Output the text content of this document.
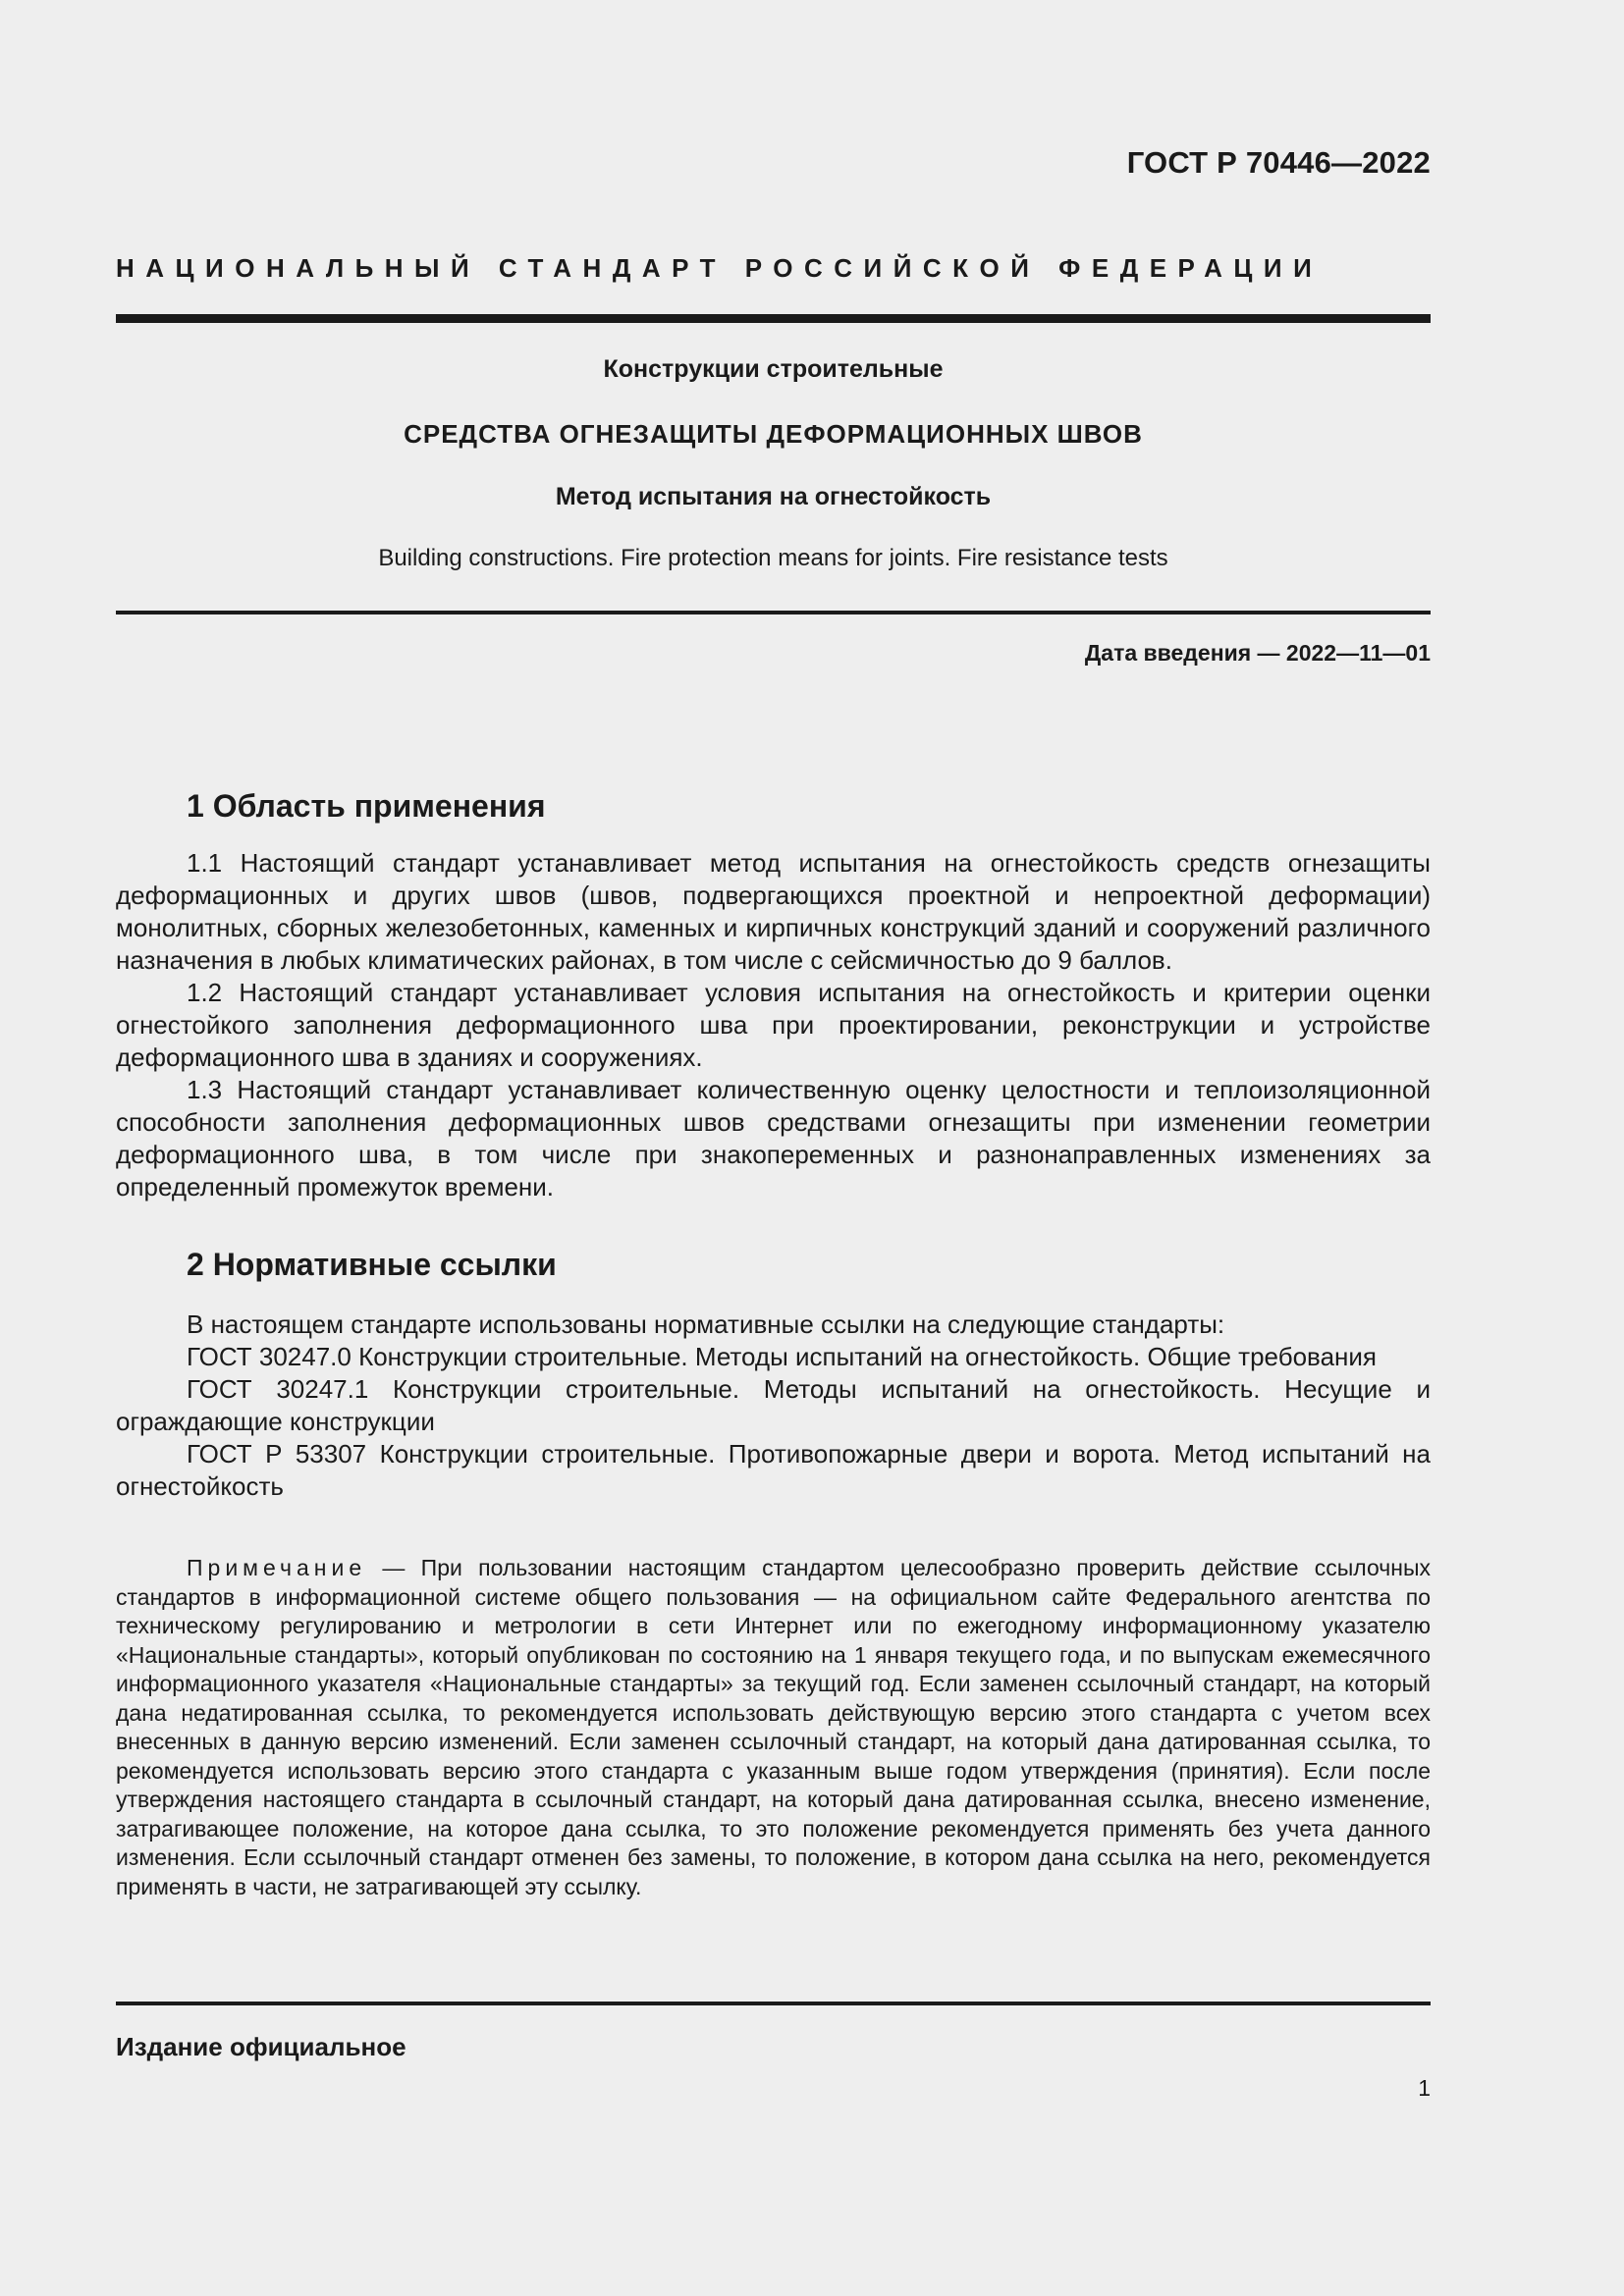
ГОСТ Р 70446—2022
НАЦИОНАЛЬНЫЙ СТАНДАРТ РОССИЙСКОЙ ФЕДЕРАЦИИ
Конструкции строительные
СРЕДСТВА ОГНЕЗАЩИТЫ ДЕФОРМАЦИОННЫХ ШВОВ
Метод испытания на огнестойкость
Building constructions. Fire protection means for joints. Fire resistance tests
Дата введения — 2022—11—01
1 Область применения

1.1 Настоящий стандарт устанавливает метод испытания на огнестойкость средств огнезащиты деформационных и других швов (швов, подвергающихся проектной и непроектной деформации) монолитных, сборных железобетонных, каменных и кирпичных конструкций зданий и сооружений различного назначения в любых климатических районах, в том числе с сейсмичностью до 9 баллов.

1.2 Настоящий стандарт устанавливает условия испытания на огнестойкость и критерии оценки огнестойкого заполнения деформационного шва при проектировании, реконструкции и устройстве деформационного шва в зданиях и сооружениях.

1.3 Настоящий стандарт устанавливает количественную оценку целостности и теплоизоляционной способности заполнения деформационных швов средствами огнезащиты при изменении геометрии деформационного шва, в том числе при знакопеременных и разнонаправленных изменениях за определенный промежуток времени.

2 Нормативные ссылки

В настоящем стандарте использованы нормативные ссылки на следующие стандарты:

ГОСТ 30247.0 Конструкции строительные. Методы испытаний на огнестойкость. Общие требования

ГОСТ 30247.1 Конструкции строительные. Методы испытаний на огнестойкость. Несущие и ограждающие конструкции

ГОСТ Р 53307 Конструкции строительные. Противопожарные двери и ворота. Метод испытаний на огнестойкость

Примечание — При пользовании настоящим стандартом целесообразно проверить действие ссылочных стандартов в информационной системе общего пользования — на официальном сайте Федерального агентства по техническому регулированию и метрологии в сети Интернет или по ежегодному информационному указателю «Национальные стандарты», который опубликован по состоянию на 1 января текущего года, и по выпускам ежемесячного информационного указателя «Национальные стандарты» за текущий год. Если заменен ссылочный стандарт, на который дана недатированная ссылка, то рекомендуется использовать действующую версию этого стандарта с учетом всех внесенных в данную версию изменений. Если заменен ссылочный стандарт, на который дана датированная ссылка, то рекомендуется использовать версию этого стандарта с указанным выше годом утверждения (принятия). Если после утверждения настоящего стандарта в ссылочный стандарт, на который дана датированная ссылка, внесено изменение, затрагивающее положение, на которое дана ссылка, то это положение рекомендуется применять без учета данного изменения. Если ссылочный стандарт отменен без замены, то положение, в котором дана ссылка на него, рекомендуется применять в части, не затрагивающей эту ссылку.

Издание официальное
1
